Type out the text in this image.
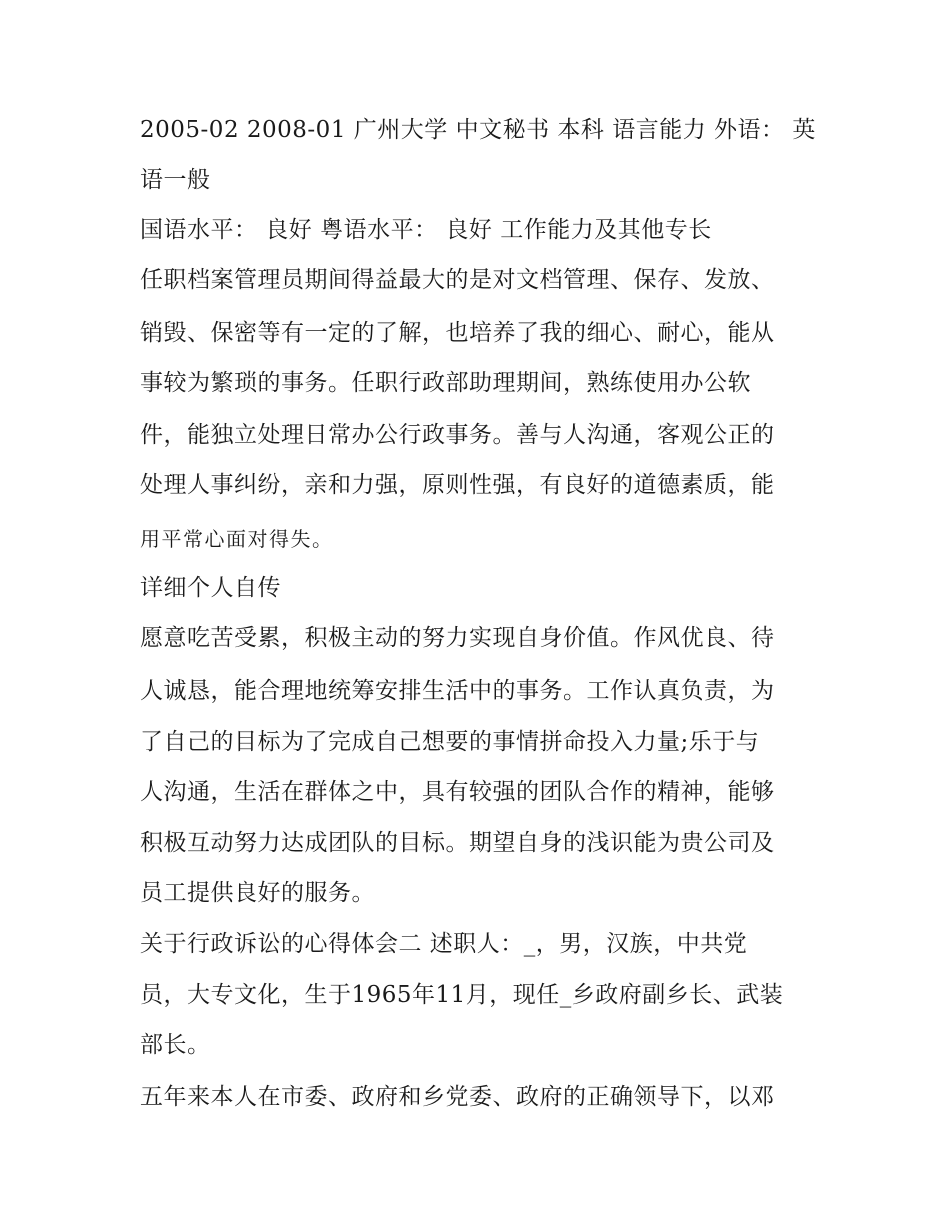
2005-02 2008-01 广州大学 中文秘书 本科 语言能力 外语： 英
语一般
国语水平： 良好 粤语水平： 良好 工作能力及其他专长
任职档案管理员期间得益最大的是对文档管理、保存、发放、
销毁、保密等有一定的了解，也培养了我的细心、耐心，能从
事较为繁琐的事务。任职行政部助理期间，熟练使用办公软
件，能独立处理日常办公行政事务。善与人沟通，客观公正的
处理人事纠纷，亲和力强，原则性强，有良好的道德素质，能
用平常心面对得失。
详细个人自传
愿意吃苦受累，积极主动的努力实现自身价值。作风优良、待
人诚恳，能合理地统筹安排生活中的事务。工作认真负责，为
了自己的目标为了完成自己想要的事情拼命投入力量;乐于与
人沟通，生活在群体之中，具有较强的团队合作的精神，能够
积极互动努力达成团队的目标。期望自身的浅识能为贵公司及
员工提供良好的服务。
关于行政诉讼的心得体会二 述职人：_，男，汉族，中共党
员，大专文化，生于1965年11月，现任_乡政府副乡长、武装
部长。
五年来本人在市委、政府和乡党委、政府的正确领导下，以邓
